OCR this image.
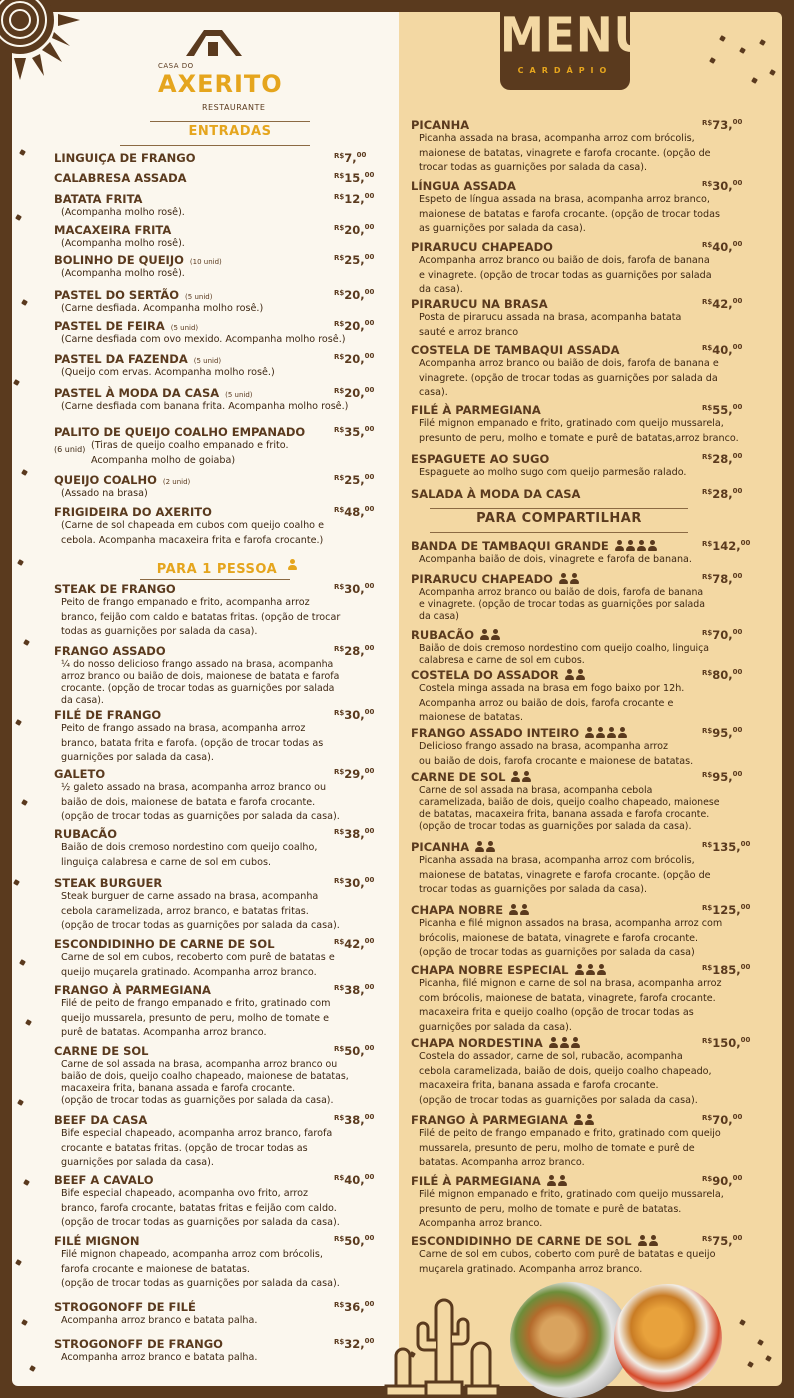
CASA DO
AXERITO
RESTAURANTE
MENU
CARDÁPIO
ENTRADAS
PARA 1 PESSOA
PARA COMPARTILHAR
LINGUIÇA DE FRANGO	$^{R\$}$7,00
CALABRESA ASSADA	$^{R\$}$15,00
BATATA FRITA	$^{R\$}$12,00
(Acompanha molho rosê).
MACAXEIRA FRITA	$^{R\$}$20,00
(Acompanha molho rosê).
BOLINHO DE QUEIJO (10 unid)	$^{R\$}$25,00
(Acompanha molho rosê).
PASTEL DO SERTÃO (5 unid)	$^{R\$}$20,00
(Carne desfiada. Acompanha molho rosê.)
PASTEL DE FEIRA (5 unid)	$^{R\$}$20,00
(Carne desfiada com ovo mexido. Acompanha molho rosê.)
PASTEL DA FAZENDA (5 unid)	$^{R\$}$20,00
(Queijo com ervas. Acompanha molho rosê.)
PASTEL À MODA DA CASA (5 unid)	$^{R\$}$20,00
(Carne desfiada com banana frita. Acompanha molho rosê.)
PALITO DE QUEIJO COALHO EMPANADO	$^{R\$}$35,00
(6 unid) (Tiras de queijo coalho empanado e frito.
Acompanha molho de goiaba)
QUEIJO COALHO (2 unid)	$^{R\$}$25,00
(Assado na brasa)
FRIGIDEIRA DO AXERITO	$^{R\$}$48,00
(Carne de sol chapeada em cubos com queijo coalho e
cebola. Acompanha macaxeira frita e farofa crocante.)
STEAK DE FRANGO	$^{R\$}$30,00
Peito de frango empanado e frito, acompanha arroz
branco, feijão com caldo e batatas fritas. (opção de trocar
todas as guarnições por salada da casa).
FRANGO ASSADO	$^{R\$}$28,00
¼ do nosso delicioso frango assado na brasa, acompanha
arroz branco ou baião de dois, maionese de batata e farofa
crocante. (opção de trocar todas as guarnições por salada
da casa).
FILÉ DE FRANGO	$^{R\$}$30,00
Peito de frango assado na brasa, acompanha arroz
branco, batata frita e farofa. (opção de trocar todas as
guarnições por salada da casa).
GALETO	$^{R\$}$29,00
½ galeto assado na brasa, acompanha arroz branco ou
baião de dois, maionese de batata e farofa crocante.
(opção de trocar todas as guarnições por salada da casa).
RUBACÃO	$^{R\$}$38,00
Baião de dois cremoso nordestino com queijo coalho,
linguiça calabresa e carne de sol em cubos.
STEAK BURGUER	$^{R\$}$30,00
Steak burguer de carne assado na brasa, acompanha
cebola caramelizada, arroz branco, e batatas fritas.
(opção de trocar todas as guarnições por salada da casa).
ESCONDIDINHO DE CARNE DE SOL	$^{R\$}$42,00
Carne de sol em cubos, recoberto com purê de batatas e
queijo muçarela gratinado. Acompanha arroz branco.
FRANGO À PARMEGIANA	$^{R\$}$38,00
Filé de peito de frango empanado e frito, gratinado com
queijo mussarela, presunto de peru, molho de tomate e
purê de batatas. Acompanha arroz branco.
CARNE DE SOL	$^{R\$}$50,00
Carne de sol assada na brasa, acompanha arroz branco ou
baião de dois, queijo coalho chapeado, maionese de batatas,
macaxeira frita, banana assada e farofa crocante.
(opção de trocar todas as guarnições por salada da casa).
BEEF DA CASA	$^{R\$}$38,00
Bife especial chapeado, acompanha arroz branco, farofa
crocante e batatas fritas. (opção de trocar todas as
guarnições por salada da casa).
BEEF A CAVALO	$^{R\$}$40,00
Bife especial chapeado, acompanha ovo frito, arroz
branco, farofa crocante, batatas fritas e feijão com caldo.
(opção de trocar todas as guarnições por salada da casa).
FILÉ MIGNON	$^{R\$}$50,00
Filé mignon chapeado, acompanha arroz com brócolis,
farofa crocante e maionese de batatas.
(opção de trocar todas as guarnições por salada da casa).
STROGONOFF DE FILÉ	$^{R\$}$36,00
Acompanha arroz branco e batata palha.
STROGONOFF DE FRANGO	$^{R\$}$32,00
Acompanha arroz branco e batata palha.
PICANHA	$^{R\$}$73,00
Picanha assada na brasa, acompanha arroz com brócolis,
maionese de batatas, vinagrete e farofa crocante. (opção de
trocar todas as guarnições por salada da casa).
LÍNGUA ASSADA	$^{R\$}$30,00
Espeto de língua assada na brasa, acompanha arroz branco,
maionese de batatas e farofa crocante. (opção de trocar todas
as guarnições por salada da casa).
PIRARUCU CHAPEADO	$^{R\$}$40,00
Acompanha arroz branco ou baião de dois, farofa de banana
e vinagrete. (opção de trocar todas as guarnições por salada
da casa).
PIRARUCU NA BRASA	$^{R\$}$42,00
Posta de pirarucu assada na brasa, acompanha batata
sauté e arroz branco
COSTELA DE TAMBAQUI ASSADA	$^{R\$}$40,00
Acompanha arroz branco ou baião de dois, farofa de banana e
vinagrete. (opção de trocar todas as guarnições por salada da
casa).
FILÉ À PARMEGIANA	$^{R\$}$55,00
Filé mignon empanado e frito, gratinado com queijo mussarela,
presunto de peru, molho e tomate e purê de batatas,arroz branco.
ESPAGUETE AO SUGO	$^{R\$}$28,00
Espaguete ao molho sugo com queijo parmesão ralado.
SALADA À MODA DA CASA	$^{R\$}$28,00
BANDA DE TAMBAQUI GRANDE	$^{R\$}$142,00
Acompanha baião de dois, vinagrete e farofa de banana.
PIRARUCU CHAPEADO	$^{R\$}$78,00
Acompanha arroz branco ou baião de dois, farofa de banana
e vinagrete. (opção de trocar todas as guarnições por salada
da casa)
RUBACÃO	$^{R\$}$70,00
Baião de dois cremoso nordestino com queijo coalho, linguiça
calabresa e carne de sol em cubos.
COSTELA DO ASSADOR	$^{R\$}$80,00
Costela minga assada na brasa em fogo baixo por 12h.
Acompanha arroz ou baião de dois, farofa crocante e
maionese de batatas.
FRANGO ASSADO INTEIRO	$^{R\$}$95,00
Delicioso frango assado na brasa, acompanha arroz
ou baião de dois, farofa crocante e maionese de batatas.
CARNE DE SOL	$^{R\$}$95,00
Carne de sol assada na brasa, acompanha cebola
caramelizada, baião de dois, queijo coalho chapeado, maionese
de batatas, macaxeira frita, banana assada e farofa crocante.
(opção de trocar todas as guarnições por salada da casa).
PICANHA	$^{R\$}$135,00
Picanha assada na brasa, acompanha arroz com brócolis,
maionese de batatas, vinagrete e farofa crocante. (opção de
trocar todas as guarnições por salada da casa).
CHAPA NOBRE	$^{R\$}$125,00
Picanha e filé mignon assados na brasa, acompanha arroz com
brócolis, maionese de batata, vinagrete e farofa crocante.
(opção de trocar todas as guarnições por salada da casa)
CHAPA NOBRE ESPECIAL	$^{R\$}$185,00
Picanha, filé mignon e carne de sol na brasa, acompanha arroz
com brócolis, maionese de batata, vinagrete, farofa crocante.
macaxeira frita e queijo coalho (opção de trocar todas as
guarnições por salada da casa).
CHAPA NORDESTINA	$^{R\$}$150,00
Costela do assador, carne de sol, rubacão, acompanha
cebola caramelizada, baião de dois, queijo coalho chapeado,
macaxeira frita, banana assada e farofa crocante.
(opção de trocar todas as guarnições por salada da casa).
FRANGO À PARMEGIANA	$^{R\$}$70,00
Filé de peito de frango empanado e frito, gratinado com queijo
mussarela, presunto de peru, molho de tomate e purê de
batatas. Acompanha arroz branco.
FILÉ À PARMEGIANA	$^{R\$}$90,00
Filé mignon empanado e frito, gratinado com queijo mussarela,
presunto de peru, molho de tomate e purê de batatas.
Acompanha arroz branco.
ESCONDIDINHO DE CARNE DE SOL	$^{R\$}$75,00
Carne de sol em cubos, coberto com purê de batatas e queijo
muçarela gratinado. Acompanha arroz branco.
